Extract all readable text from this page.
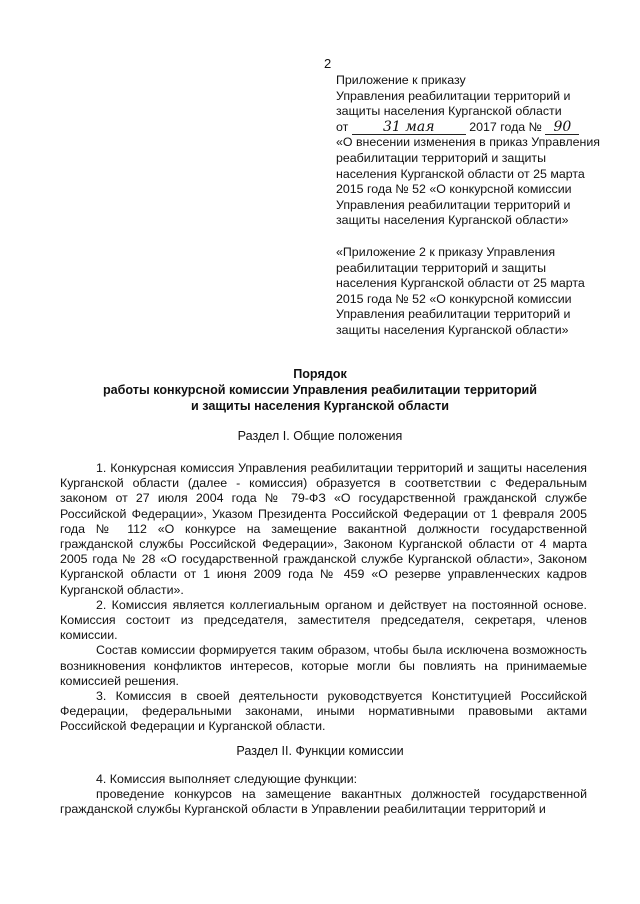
2

Приложение к приказу

Управления реабилитации территорий и защиты населения Курганской области

от 31 мая	2017 года № 90

«О внесении изменения в приказ Управления реабилитации территорий и защиты населения Курганской области от 25 марта 2015 года № 52 «О конкурсной комиссии Управления реабилитации территорий и защиты населения Курганской области»

«Приложение 2 к приказу Управления реабилитации территорий и защиты населения Курганской области от 25 марта 2015 года № 52 «О конкурсной комиссии Управления реабилитации территорий и защиты населения Курганской области»

Порядок

работы конкурсной комиссии Управления реабилитации территорий

и защиты населения Курганской области

Раздел I. Общие положения

1. Конкурсная комиссия Управления реабилитации территорий и защиты населения Курганской области (далее - комиссия) образуется в соответствии с Федеральным законом от 27 июля 2004 года № 79-ФЗ «О государственной гражданской службе Российской Федерации», Указом Президента Российской Федерации от 1 февраля 2005 года № 112 «О конкурсе на замещение вакантной должности государственной гражданской службы Российской Федерации», Законом Курганской области от 4 марта 2005 года № 28 «О государственной гражданской службе Курганской области», Законом Курганской области от 1 июня 2009 года № 459 «О резерве управленческих кадров Курганской области».

2. Комиссия является коллегиальным органом и действует на постоянной основе. Комиссия состоит из председателя, заместителя председателя, секретаря, членов комиссии.

Состав комиссии формируется таким образом, чтобы была исключена возможность возникновения конфликтов интересов, которые могли бы повлиять на принимаемые комиссией решения.

3. Комиссия в своей деятельности руководствуется Конституцией Российской Федерации, федеральными законами, иными нормативными правовыми актами Российской Федерации и Курганской области.

Раздел II. Функции комиссии

4. Комиссия выполняет следующие функции:

проведение конкурсов на замещение вакантных должностей государственной гражданской службы Курганской области в Управлении реабилитации территорий и
